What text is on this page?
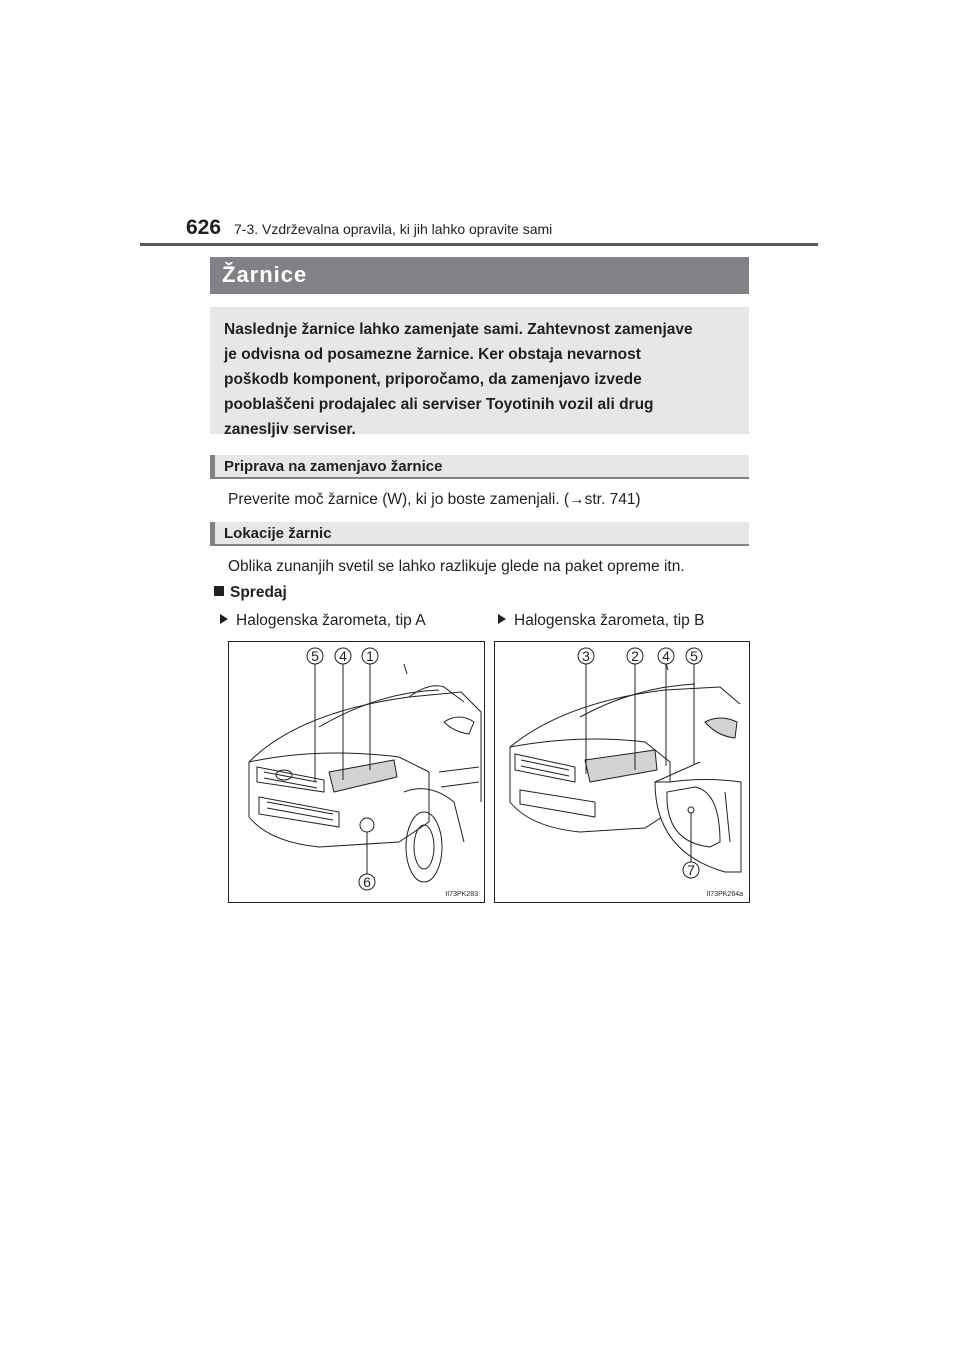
626 7-3. Vzdrževalna opravila, ki jih lahko opravite sami
Žarnice
Naslednje žarnice lahko zamenjate sami. Zahtevnost zamenjave
je odvisna od posamezne žarnice. Ker obstaja nevarnost
poškodb komponent, priporočamo, da zamenjavo izvede
pooblaščeni prodajalec ali serviser Toyotinih vozil ali drug
zanesljiv serviser.
Priprava na zamenjavo žarnice
Preverite moč žarnice (W), ki jo boste zamenjali. (→str. 741)
Lokacije žarnic
Oblika zunanjih svetil se lahko razlikuje glede na paket opreme itn.
Spredaj
Halogenska žarometa, tip A	Halogenska žarometa, tip B
5 4 1
6
II73PK283
3	2 4 5
7
II73PK264a
